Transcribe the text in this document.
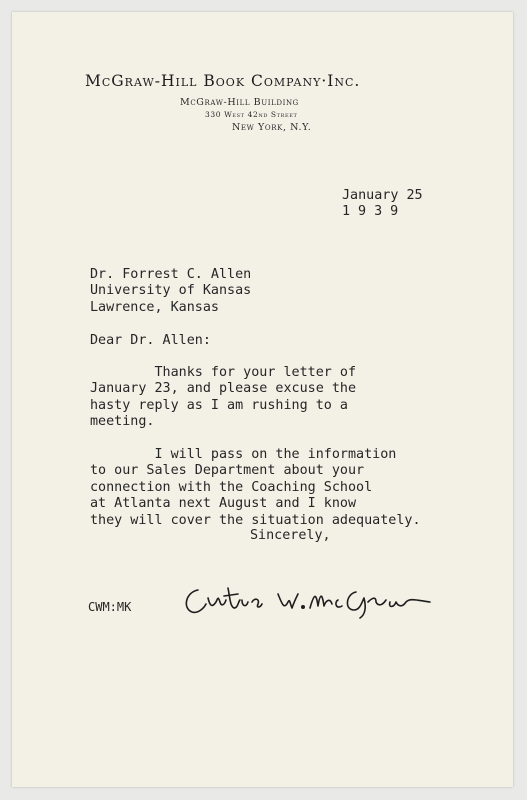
McGraw-Hill Book Company·Inc.
McGraw-Hill Building
330 West 42nd Street
New York, N.Y.
January 25
1939
Dr. Forrest C. Allen
University of Kansas
Lawrence, Kansas
Dear Dr. Allen:
Thanks for your letter of
January 23, and please excuse the
hasty reply as I am rushing to a
meeting.

I will pass on the information
to our Sales Department about your
connection with the Coaching School
at Atlanta next August and I know
they will cover the situation adequately.
Sincerely,
CWM:MK
